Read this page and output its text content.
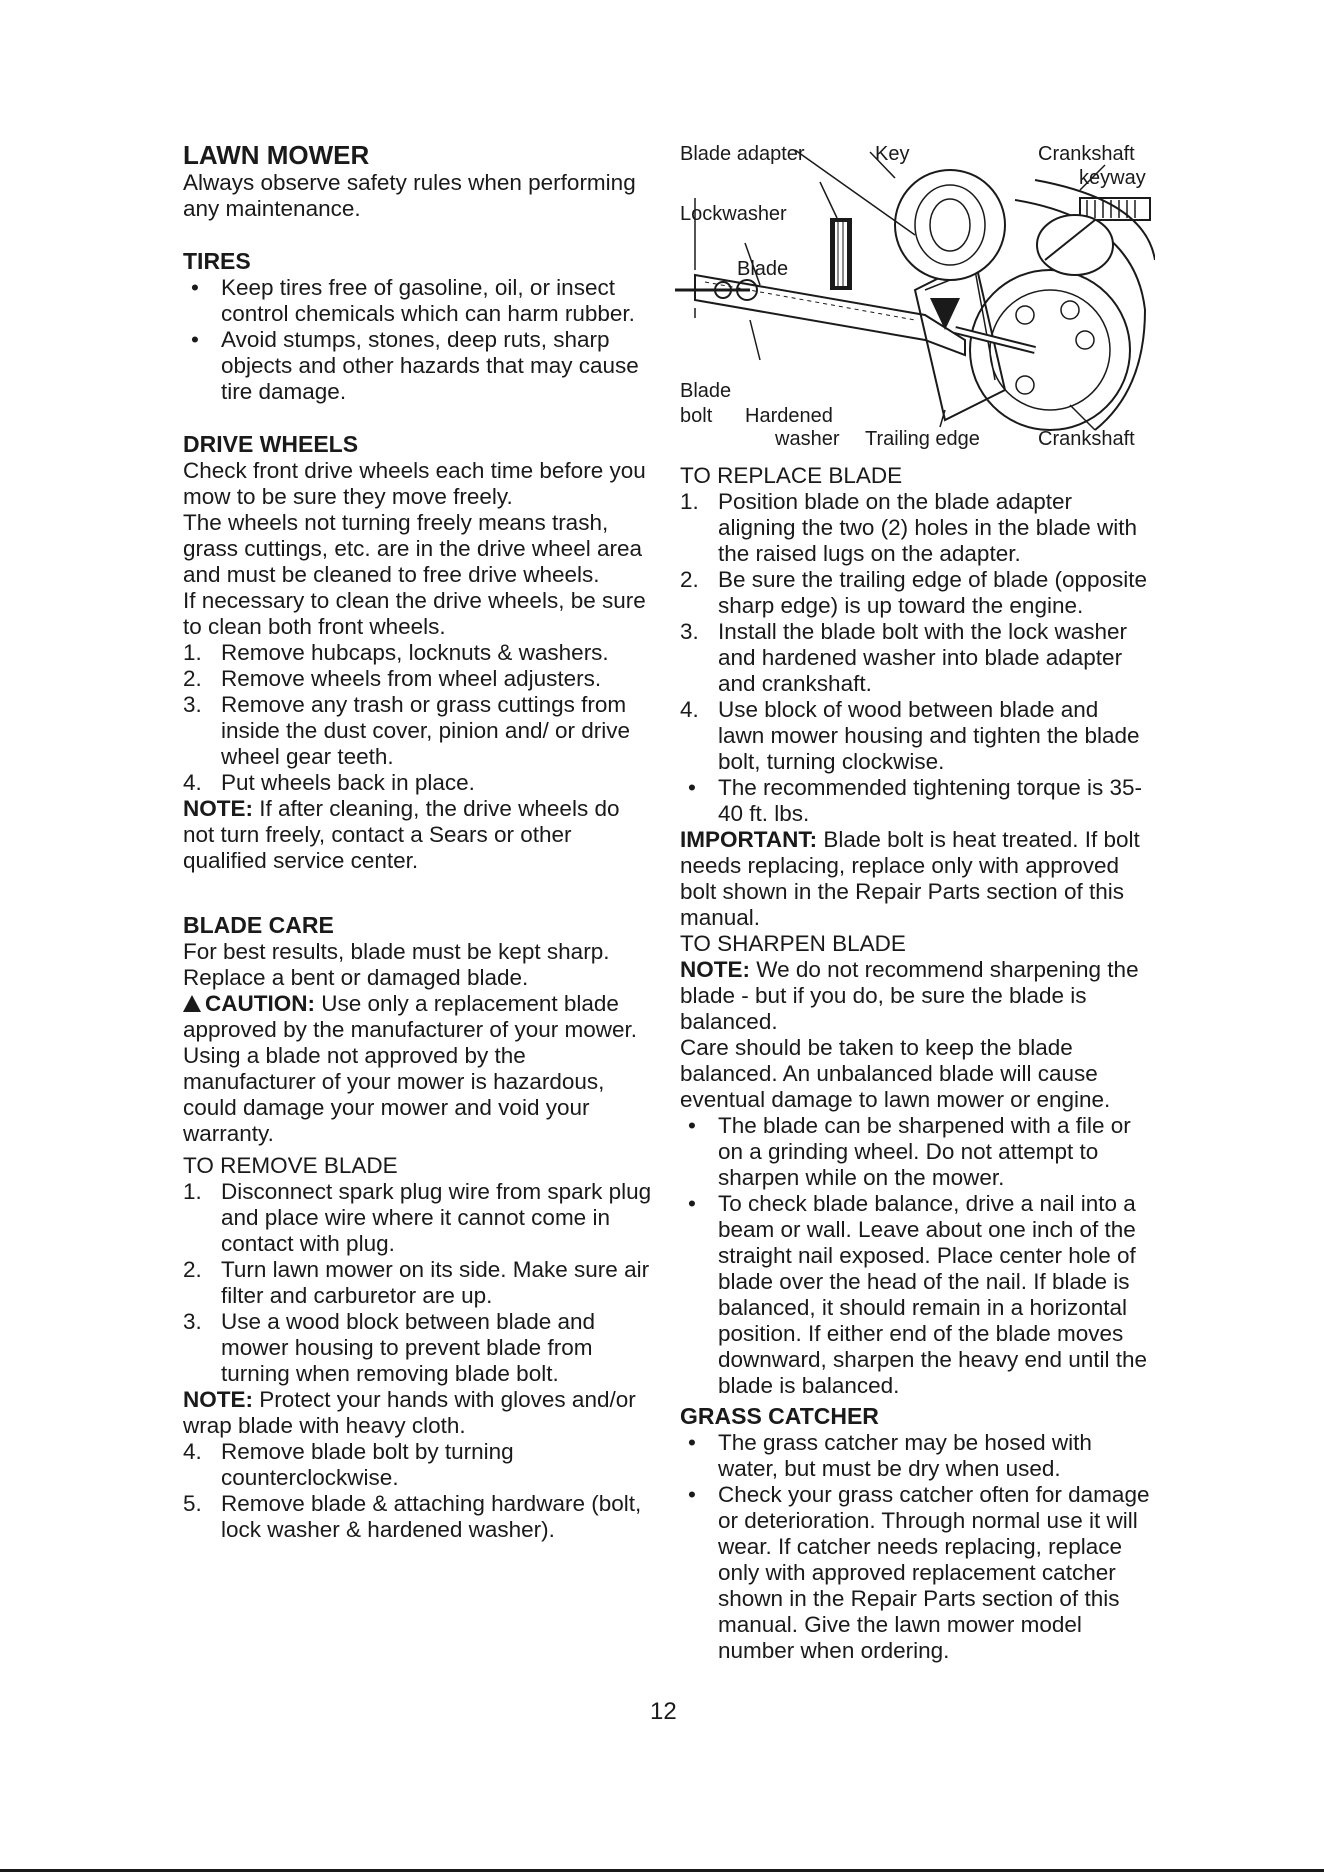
LAWN MOWER

Always observe safety rules when performing any maintenance.

TIRES
• Keep tires free of gasoline, oil, or insect control chemicals which can harm rubber.
• Avoid stumps, stones, deep ruts, sharp objects and other hazards that may cause tire damage.
DRIVE WHEELS

Check front drive wheels each time before you mow to be sure they move freely.

The wheels not turning freely means trash, grass cuttings, etc. are in the drive wheel area and must be cleaned to free drive wheels.

If necessary to clean the drive wheels, be sure to clean both front wheels.

1. Remove hubcaps, locknuts & washers.
2. Remove wheels from wheel adjusters.
3. Remove any trash or grass cuttings from inside the dust cover, pinion and/ or drive wheel gear teeth.
4. Put wheels back in place.

NOTE: If after cleaning, the drive wheels do not turn freely, contact a Sears or other qualified service center.

BLADE CARE

For best results, blade must be kept sharp. Replace a bent or damaged blade.

CAUTION: Use only a replacement blade approved by the manufacturer of your mower. Using a blade not approved by the manufacturer of your mower is hazardous, could damage your mower and void your warranty.

TO REMOVE BLADE

1. Disconnect spark plug wire from spark plug and place wire where it cannot come in contact with plug.
2. Turn lawn mower on its side. Make sure air filter and carburetor are up.
3. Use a wood block between blade and mower housing to prevent blade from turning when removing blade bolt.

NOTE: Protect your hands with gloves and/or wrap blade with heavy cloth.

4. Remove blade bolt by turning counterclockwise.
5. Remove blade & attaching hardware (bolt, lock washer & hardened washer).
Blade adapter	Key	Crankshaft
keyway
Lockwasher
Blade
Blade
bolt Hardened
washer Trailing edge	Crankshaft

TO REPLACE BLADE

1. Position blade on the blade adapter aligning the two (2) holes in the blade with the raised lugs on the adapter.
2. Be sure the trailing edge of blade (opposite sharp edge) is up toward the engine.
3. Install the blade bolt with the lock washer and hardened washer into blade adapter and crankshaft.
4. Use block of wood between blade and lawn mower housing and tighten the blade bolt, turning clockwise.
• The recommended tightening torque is 35-40 ft. lbs.

IMPORTANT: Blade bolt is heat treated. If bolt needs replacing, replace only with approved bolt shown in the Repair Parts section of this manual.

TO SHARPEN BLADE

NOTE: We do not recommend sharpening the blade - but if you do, be sure the blade is balanced.

Care should be taken to keep the blade balanced. An unbalanced blade will cause eventual damage to lawn mower or engine.

• The blade can be sharpened with a file or on a grinding wheel. Do not attempt to sharpen while on the mower.
• To check blade balance, drive a nail into a beam or wall. Leave about one inch of the straight nail exposed. Place center hole of blade over the head of the nail. If blade is balanced, it should remain in a horizontal position. If either end of the blade moves downward, sharpen the heavy end until the blade is balanced.
GRASS CATCHER
• The grass catcher may be hosed with water, but must be dry when used.
• Check your grass catcher often for damage or deterioration. Through normal use it will wear. If catcher needs replacing, replace only with approved replacement catcher shown in the Repair Parts section of this manual. Give the lawn mower model number when ordering.
12
